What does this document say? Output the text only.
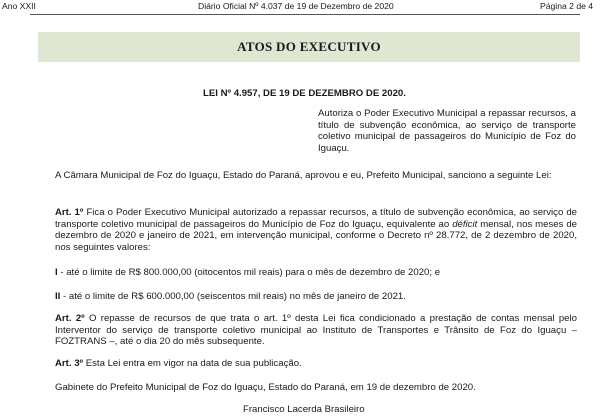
Ano XXII	Diário Oficial Nº 4.037 de 19 de Dezembro de 2020	Página 2 de 4
ATOS DO EXECUTIVO
LEI Nº 4.957, DE 19 DE DEZEMBRO DE 2020.
Autoriza o Poder Executivo Municipal a repassar recursos, a título de subvenção econômica, ao serviço de transporte coletivo municipal de passageiros do Município de Foz do Iguaçu.
A Câmara Municipal de Foz do Iguaçu, Estado do Paraná, aprovou e eu, Prefeito Municipal, sanciono a seguinte Lei:
Art. 1º Fica o Poder Executivo Municipal autorizado a repassar recursos, a título de subvenção econômica, ao serviço de transporte coletivo municipal de passageiros do Município de Foz do Iguaçu, equivalente ao déficit mensal, nos meses de dezembro de 2020 e janeiro de 2021, em intervenção municipal, conforme o Decreto nº 28.772, de 2 dezembro de 2020, nos seguintes valores:
I - até o limite de R$ 800.000,00 (oitocentos mil reais) para o mês de dezembro de 2020; e
II - até o limite de R$ 600.000,00 (seiscentos mil reais) no mês de janeiro de 2021.
Art. 2º O repasse de recursos de que trata o art. 1º desta Lei fica condicionado a prestação de contas mensal pelo Interventor do serviço de transporte coletivo municipal ao Instituto de Transportes e Trânsito de Foz do Iguaçu – FOZTRANS –, até o dia 20 do mês subsequente.
Art. 3º Esta Lei entra em vigor na data de sua publicação.
Gabinete do Prefeito Municipal de Foz do Iguaçu, Estado do Paraná, em 19 de dezembro de 2020.
Francisco Lacerda Brasileiro
